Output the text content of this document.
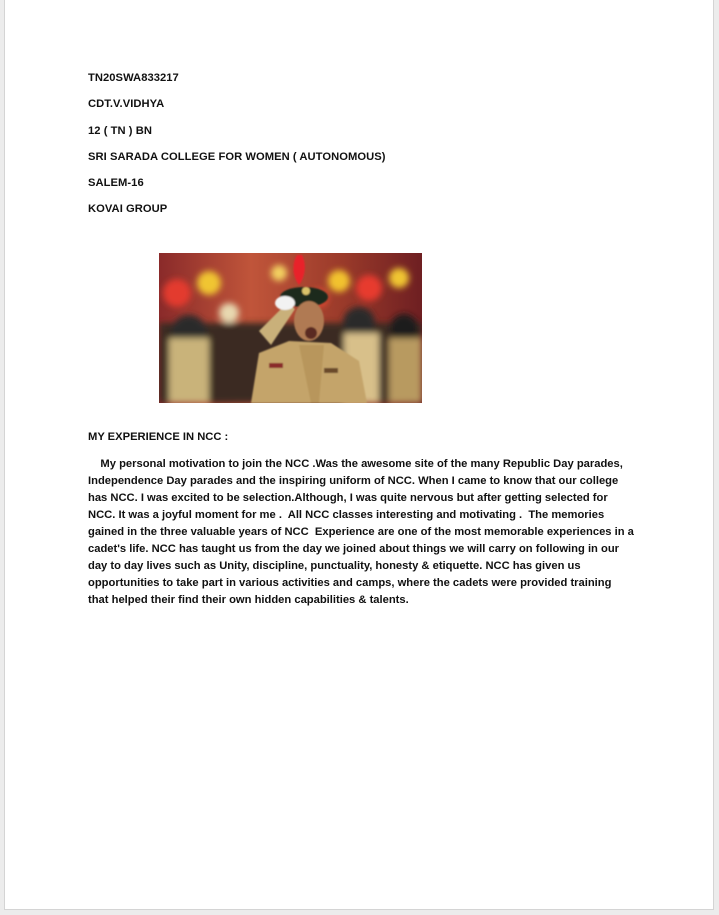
TN20SWA833217
CDT.V.VIDHYA
12 ( TN ) BN
SRI SARADA COLLEGE FOR WOMEN ( AUTONOMOUS)
SALEM-16
KOVAI GROUP
MY EXPERIENCE IN NCC :
My personal motivation to join the NCC .Was the awesome site of the many Republic Day parades,
Independence Day parades and the inspiring uniform of NCC. When I came to know that our college
has NCC. I was excited to be selection.Although, I was quite nervous but after getting selected for
NCC. It was a joyful moment for me .  All NCC classes interesting and motivating .  The memories
gained in the three valuable years of NCC  Experience are one of the most memorable experiences in a
cadet's life. NCC has taught us from the day we joined about things we will carry on following in our
day to day lives such as Unity, discipline, punctuality, honesty & etiquette. NCC has given us
opportunities to take part in various activities and camps, where the cadets were provided training
that helped their find their own hidden capabilities & talents.
